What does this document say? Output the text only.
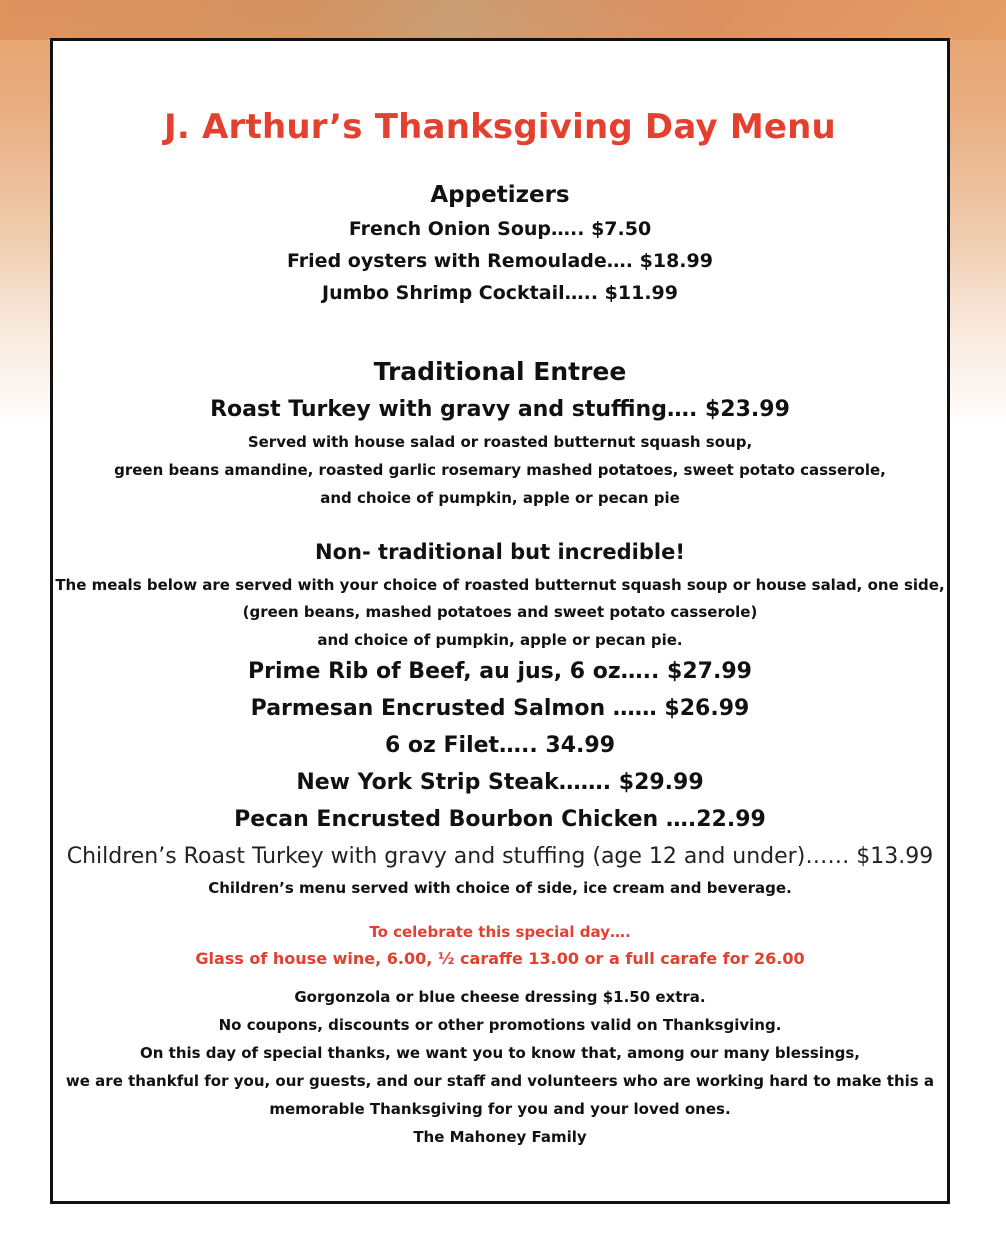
J. Arthur’s Thanksgiving Day Menu
Appetizers
French Onion Soup….. $7.50
Fried oysters with Remoulade…. $18.99
Jumbo Shrimp Cocktail….. $11.99
Traditional Entree
Roast Turkey with gravy and stuffing…. $23.99
Served with house salad or roasted butternut squash soup,
green beans amandine, roasted garlic rosemary mashed potatoes, sweet potato casserole,
and choice of pumpkin, apple or pecan pie
Non- traditional but incredible!
The meals below are served with your choice of roasted butternut squash soup or house salad, one side,
(green beans, mashed potatoes and sweet potato casserole)
and choice of pumpkin, apple or pecan pie.
Prime Rib of Beef, au jus, 6 oz….. $27.99
Parmesan Encrusted Salmon …… $26.99
6 oz Filet….. 34.99
New York Strip Steak……. $29.99
Pecan Encrusted Bourbon Chicken ….22.99
Children’s Roast Turkey with gravy and stuffing (age 12 and under)…… $13.99
Children’s menu served with choice of side, ice cream and beverage.
To celebrate this special day….
Glass of house wine, 6.00, ½ caraffe 13.00 or a full carafe for 26.00
Gorgonzola or blue cheese dressing $1.50 extra.
No coupons, discounts or other promotions valid on Thanksgiving.
On this day of special thanks, we want you to know that, among our many blessings,
we are thankful for you, our guests, and our staff and volunteers who are working hard to make this a
memorable Thanksgiving for you and your loved ones.
The Mahoney Family
